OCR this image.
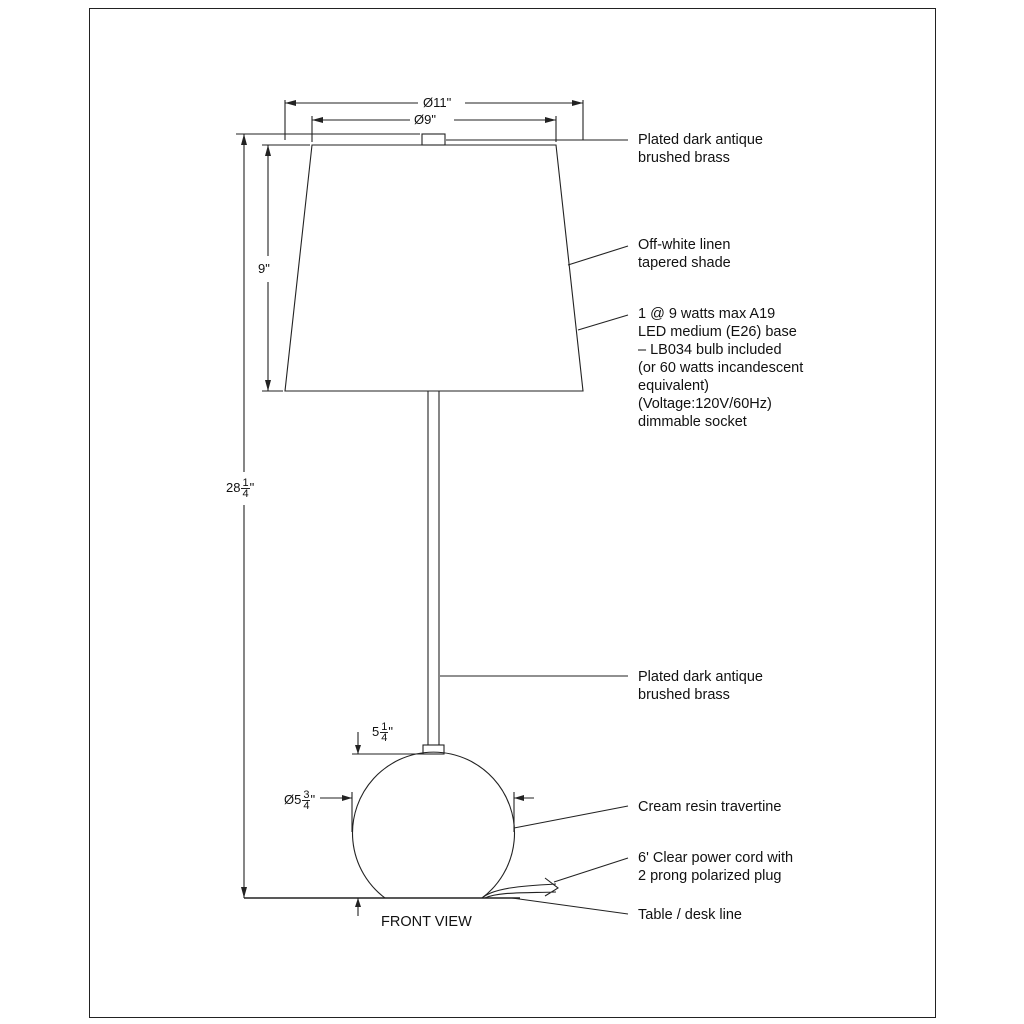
Ø11"
Ø9"
9"
$28 \frac{1}{4}$ "
$5 \frac{1}{4}$ "
Ø5 $\frac{3}{4}$ "
FRONT VIEW
Plated dark antique
brushed brass
Off-white linen
tapered shade
1 @ 9 watts max A19
LED medium (E26) base
– LB034 bulb included
(or 60 watts incandescent
equivalent)
(Voltage:120V/60Hz)
dimmable socket
Plated dark antique
brushed brass
Cream resin travertine
6' Clear power cord with
2 prong polarized plug
Table / desk line
